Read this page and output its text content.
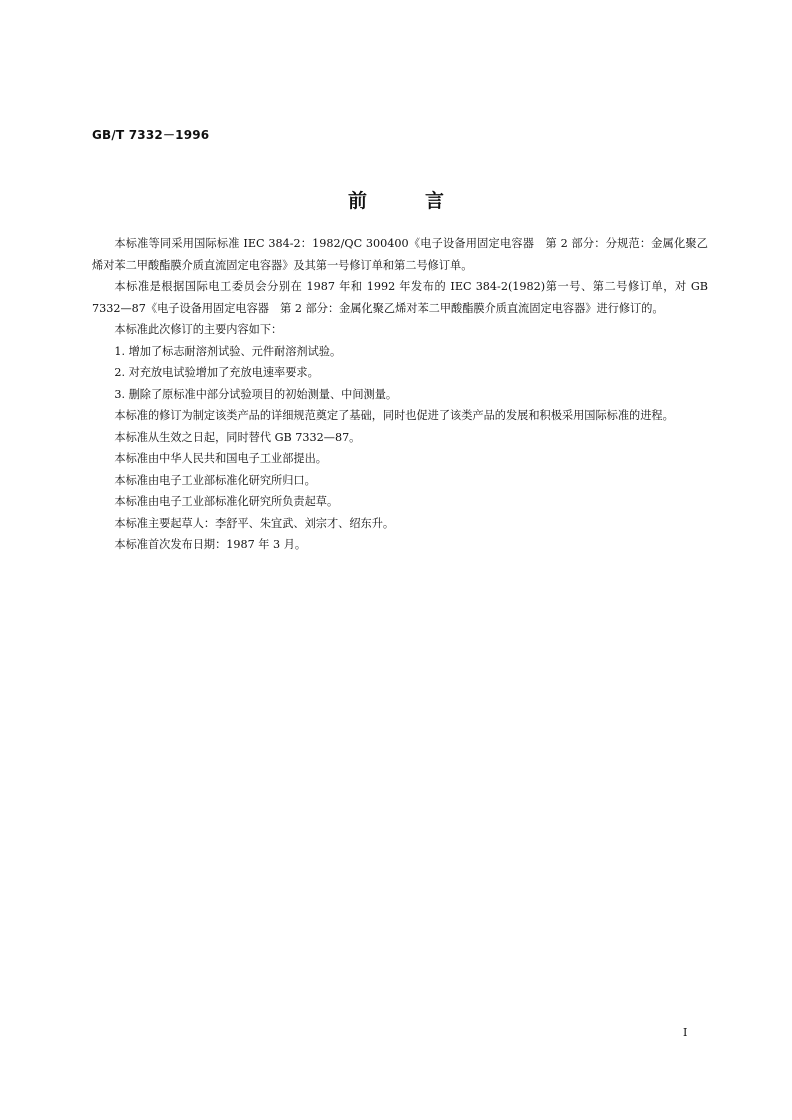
GB/T 7332－1996
前言

本标准等同采用国际标准 IEC 384-2：1982/QC 300400《电子设备用固定电容器　第 2 部分：分规范：金属化聚乙烯对苯二甲酸酯膜介质直流固定电容器》及其第一号修订单和第二号修订单。

本标准是根据国际电工委员会分别在 1987 年和 1992 年发布的 IEC 384-2(1982)第一号、第二号修订单，对 GB 7332—87《电子设备用固定电容器　第 2 部分：金属化聚乙烯对苯二甲酸酯膜介质直流固定电容器》进行修订的。

本标准此次修订的主要内容如下：

1. 增加了标志耐溶剂试验、元件耐溶剂试验。

2. 对充放电试验增加了充放电速率要求。

3. 删除了原标准中部分试验项目的初始测量、中间测量。

本标准的修订为制定该类产品的详细规范奠定了基础，同时也促进了该类产品的发展和积极采用国际标准的进程。

本标准从生效之日起，同时替代 GB 7332—87。

本标准由中华人民共和国电子工业部提出。

本标准由电子工业部标准化研究所归口。

本标准由电子工业部标准化研究所负责起草。

本标准主要起草人：李舒平、朱宜武、刘宗才、绍东升。

本标准首次发布日期：1987 年 3 月。

I
